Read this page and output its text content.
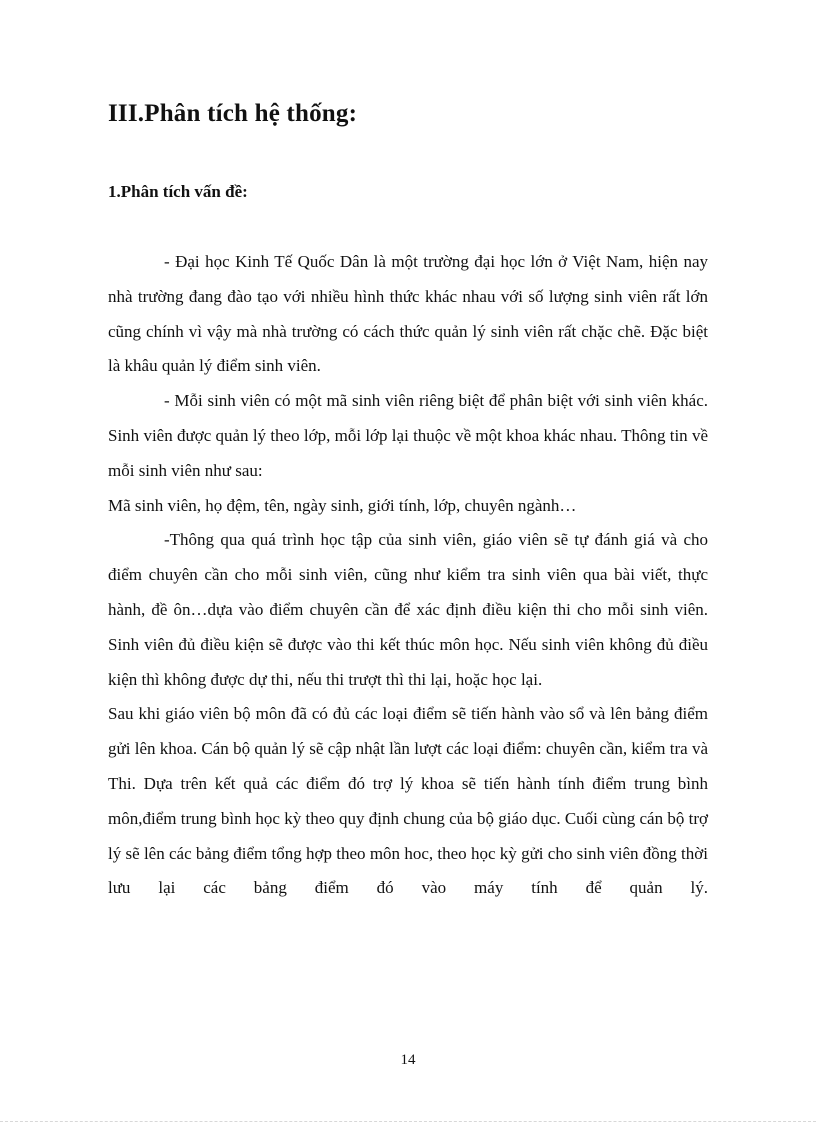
III.Phân tích hệ thống:
1.Phân tích vấn đề:

- Đại học Kinh Tế Quốc Dân là một trường đại học lớn ở Việt Nam, hiện nay nhà trường đang đào tạo với nhiều hình thức khác nhau với số lượng sinh viên rất lớn cũng chính vì vậy mà nhà trường có cách thức quản lý sinh viên rất chặc chẽ. Đặc biệt là khâu quản lý điểm sinh viên.

- Mỗi sinh viên có một mã sinh viên riêng biệt để phân biệt với sinh viên khác. Sinh viên được quản lý theo lớp, mỗi lớp lại thuộc về một khoa khác nhau. Thông tin về mỗi sinh viên như sau:

Mã sinh viên, họ đệm, tên, ngày sinh, giới tính, lớp, chuyên ngành…

-Thông qua quá trình học tập của sinh viên, giáo viên sẽ tự đánh giá và cho điểm chuyên cần cho mỗi sinh viên, cũng như kiểm tra sinh viên qua bài viết, thực hành, đề ôn…dựa vào điểm chuyên cần để xác định điều kiện thi cho mỗi sinh viên. Sinh viên đủ điều kiện sẽ được vào thi kết thúc môn học. Nếu sinh viên không đủ điều kiện thì không được dự thi, nếu thi trượt thì thi lại, hoặc học lại.

Sau khi giáo viên bộ môn đã có đủ các loại điểm sẽ tiến hành vào sổ và lên bảng điểm gửi lên khoa. Cán bộ quản lý sẽ cập nhật lần lượt các loại điểm: chuyên cần, kiểm tra và Thi. Dựa trên kết quả các điểm đó trợ lý khoa sẽ tiến hành tính điểm trung bình môn,điểm trung bình học kỳ theo quy định chung của bộ giáo dục. Cuối cùng cán bộ trợ lý sẽ lên các bảng điểm tổng hợp theo môn hoc, theo học kỳ gửi cho sinh viên đồng thời lưu lại các bảng điểm đó vào máy tính để quản lý.

14
